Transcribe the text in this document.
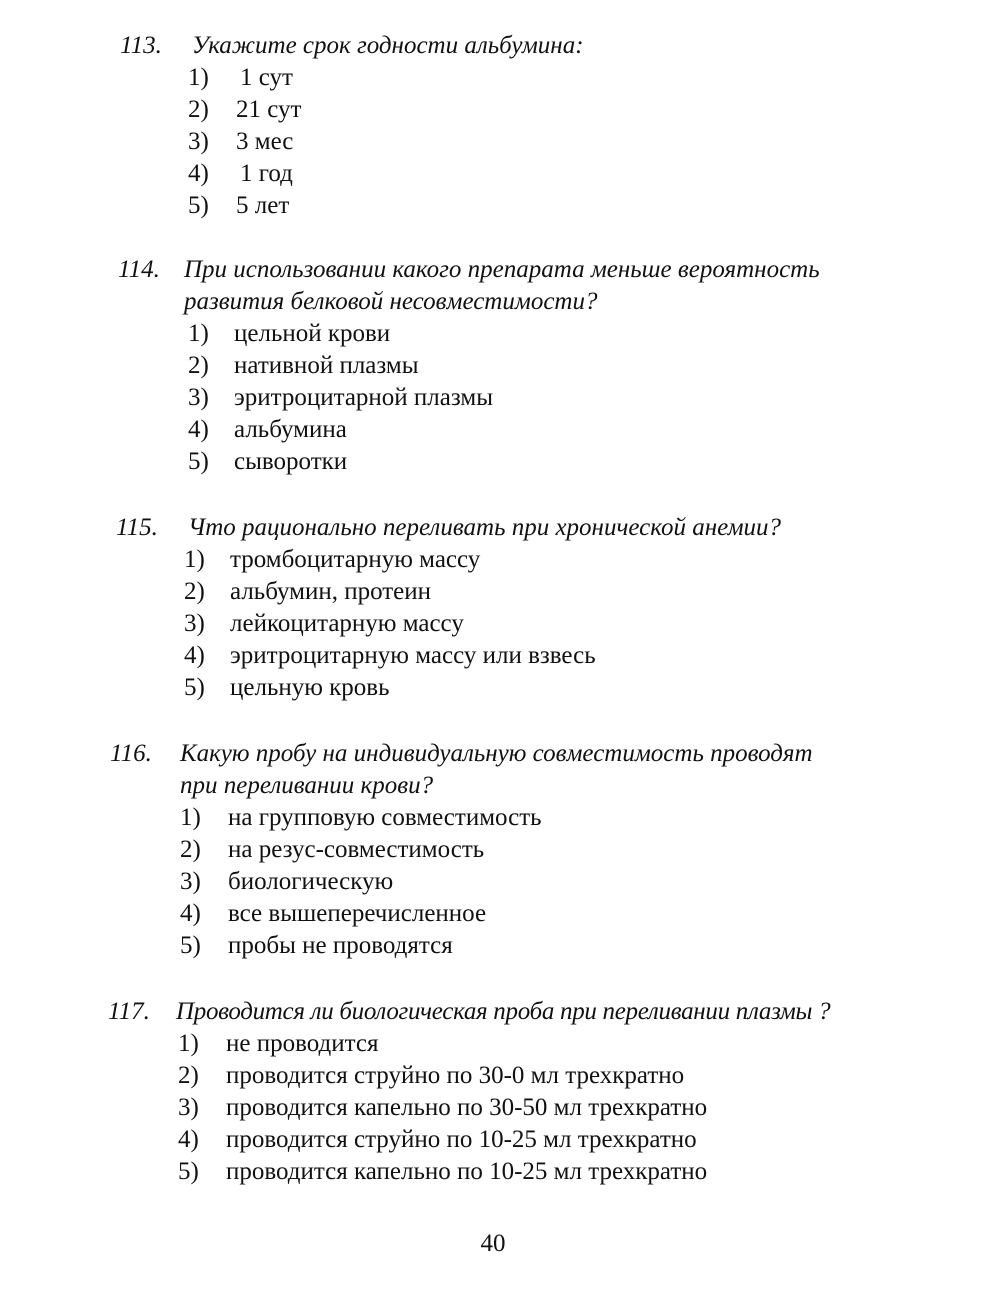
113. Укажите срок годности альбумина:
1) 1 сут
2) 21 сут
3) 3 мес
4) 1 год
5) 5 лет
114. При использовании какого препарата меньше вероятность
развития белковой несовместимости?
1) цельной крови
2) нативной плазмы
3) эритроцитарной плазмы
4) альбумина
5) сыворотки
115. Что рационально переливать при хронической анемии?
1) тромбоцитарную массу
2) альбумин, протеин
3) лейкоцитарную массу
4) эритроцитарную массу или взвесь
5) цельную кровь
116. Какую пробу на индивидуальную совместимость проводят
при переливании крови?
1) на групповую совместимость
2) на резус-совместимость
3) биологическую
4) все вышеперечисленное
5) пробы не проводятся
117. Проводится ли биологическая проба при переливании плазмы ?
1) не проводится
2) проводится струйно по 30-0 мл трехкратно
3) проводится капельно по 30-50 мл трехкратно
4) проводится струйно по 10-25 мл трехкратно
5) проводится капельно по 10-25 мл трехкратно
40
